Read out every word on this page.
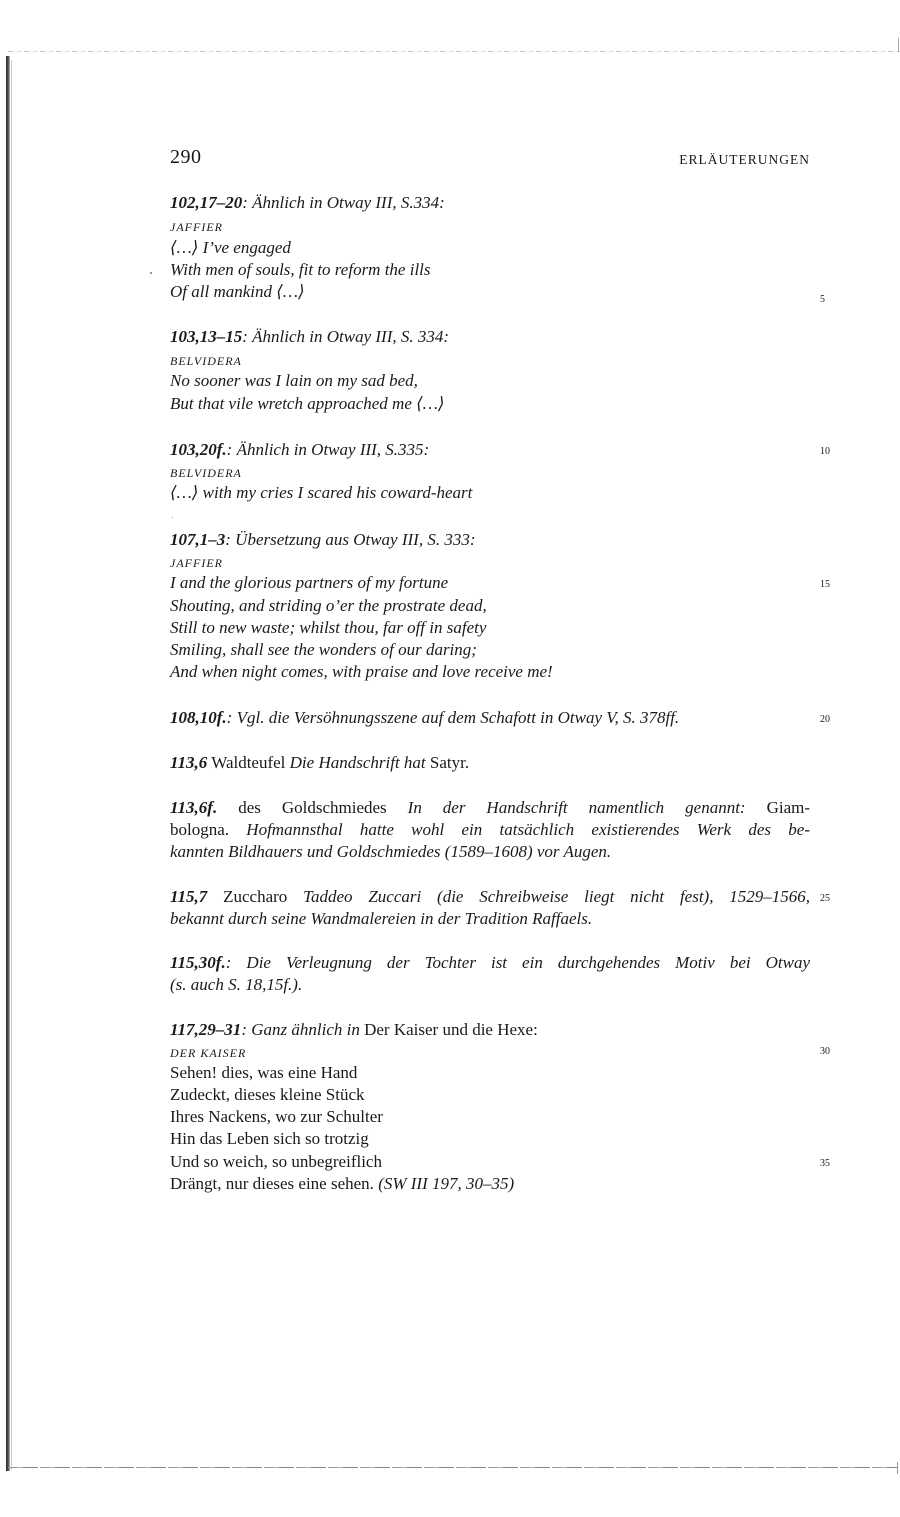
290	ERLÄUTERUNGEN
102,17–20: Ähnlich in Otway III, S.334:
JAFFIER
⟨…⟩ I’ve engaged
With men of souls, fit to reform the ills
Of all mankind ⟨…⟩	5
103,13–15: Ähnlich in Otway III, S. 334:
BELVIDERA
No sooner was I lain on my sad bed,
But that vile wretch approached me ⟨…⟩
103,20f.: Ähnlich in Otway III, S.335:	10
BELVIDERA
⟨…⟩ with my cries I scared his coward-heart
107,1–3: Übersetzung aus Otway III, S. 333:
JAFFIER
I and the glorious partners of my fortune	15
Shouting, and striding o’er the prostrate dead,
Still to new waste; whilst thou, far off in safety
Smiling, shall see the wonders of our daring;
And when night comes, with praise and love receive me!
108,10f.: Vgl. die Versöhnungsszene auf dem Schafott in Otway V, S. 378ff.	20
113,6 Waldteufel Die Handschrift hat Satyr.
113,6f. des Goldschmiedes In der Handschrift namentlich genannt: Giam-
bologna. Hofmannsthal hatte wohl ein tatsächlich existierendes Werk des be-
kannten Bildhauers und Goldschmiedes (1589–1608) vor Augen.
115,7 Zuccharo Taddeo Zuccari (die Schreibweise liegt nicht fest), 1529–1566, 25
bekannt durch seine Wandmalereien in der Tradition Raffaels.
115,30f.: Die Verleugnung der Tochter ist ein durchgehendes Motiv bei Otway
(s. auch S. 18,15f.).
117,29–31: Ganz ähnlich in Der Kaiser und die Hexe:
DER KAISER	30
Sehen! dies, was eine Hand
Zudeckt, dieses kleine Stück
Ihres Nackens, wo zur Schulter
Hin das Leben sich so trotzig
Und so weich, so unbegreiflich	35
Drängt, nur dieses eine sehen. (SW III 197, 30–35)
